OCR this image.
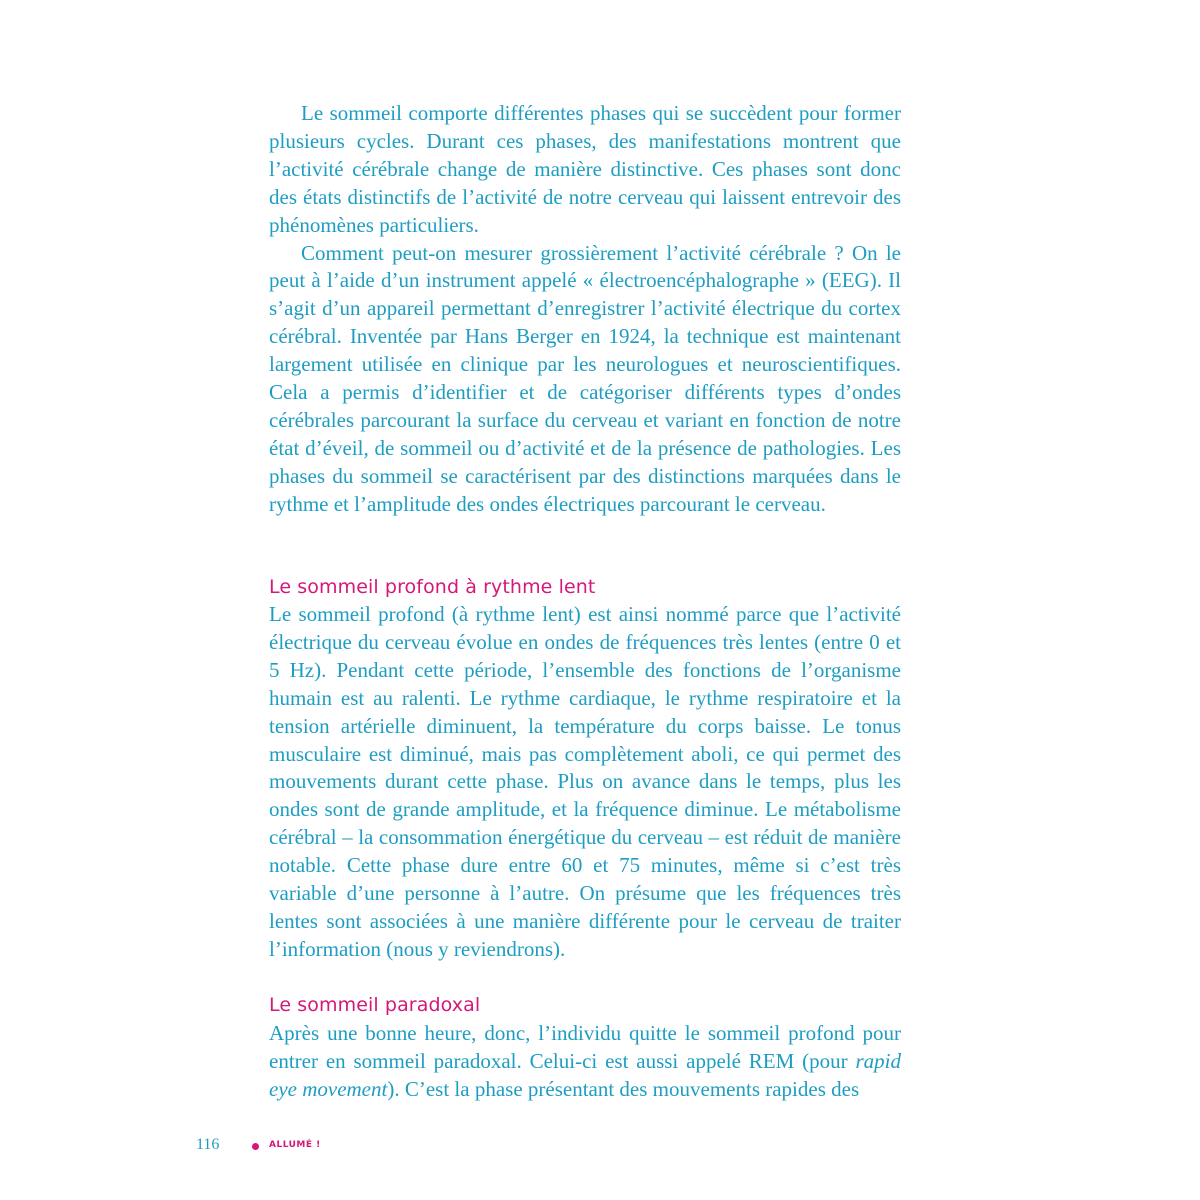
Le sommeil comporte différentes phases qui se succèdent pour former plusieurs cycles. Durant ces phases, des manifestations montrent que l’activité cérébrale change de manière distinctive. Ces phases sont donc des états distinctifs de l’activité de notre cerveau qui laissent entrevoir des phénomènes particuliers.

Comment peut-on mesurer grossièrement l’activité cérébrale ? On le peut à l’aide d’un instrument appelé « électroencéphalographe » (EEG). Il s’agit d’un appareil permettant d’enregistrer l’activité électrique du cortex cérébral. Inventée par Hans Berger en 1924, la technique est maintenant largement utilisée en clinique par les neurologues et neuroscientifiques. Cela a permis d’identifier et de catégoriser différents types d’ondes cérébrales parcourant la surface du cerveau et variant en fonction de notre état d’éveil, de sommeil ou d’activité et de la présence de pathologies. Les phases du sommeil se caractérisent par des distinctions marquées dans le rythme et l’amplitude des ondes électriques parcourant le cerveau.

Le sommeil profond à rythme lent

Le sommeil profond (à rythme lent) est ainsi nommé parce que l’activité électrique du cerveau évolue en ondes de fréquences très lentes (entre 0 et 5 Hz). Pendant cette période, l’ensemble des fonctions de l’organisme humain est au ralenti. Le rythme cardiaque, le rythme respiratoire et la tension artérielle diminuent, la température du corps baisse. Le tonus musculaire est diminué, mais pas complètement aboli, ce qui permet des mouvements durant cette phase. Plus on avance dans le temps, plus les ondes sont de grande amplitude, et la fréquence diminue. Le métabolisme cérébral – la consommation énergétique du cerveau – est réduit de manière notable. Cette phase dure entre 60 et 75 minutes, même si c’est très variable d’une personne à l’autre. On présume que les fréquences très lentes sont associées à une manière différente pour le cerveau de traiter l’information (nous y reviendrons).

Le sommeil paradoxal

Après une bonne heure, donc, l’individu quitte le sommeil profond pour entrer en sommeil paradoxal. Celui-ci est aussi appelé REM (pour rapid eye movement). C’est la phase présentant des mouvements rapides des

116	ALLUMÉ !
